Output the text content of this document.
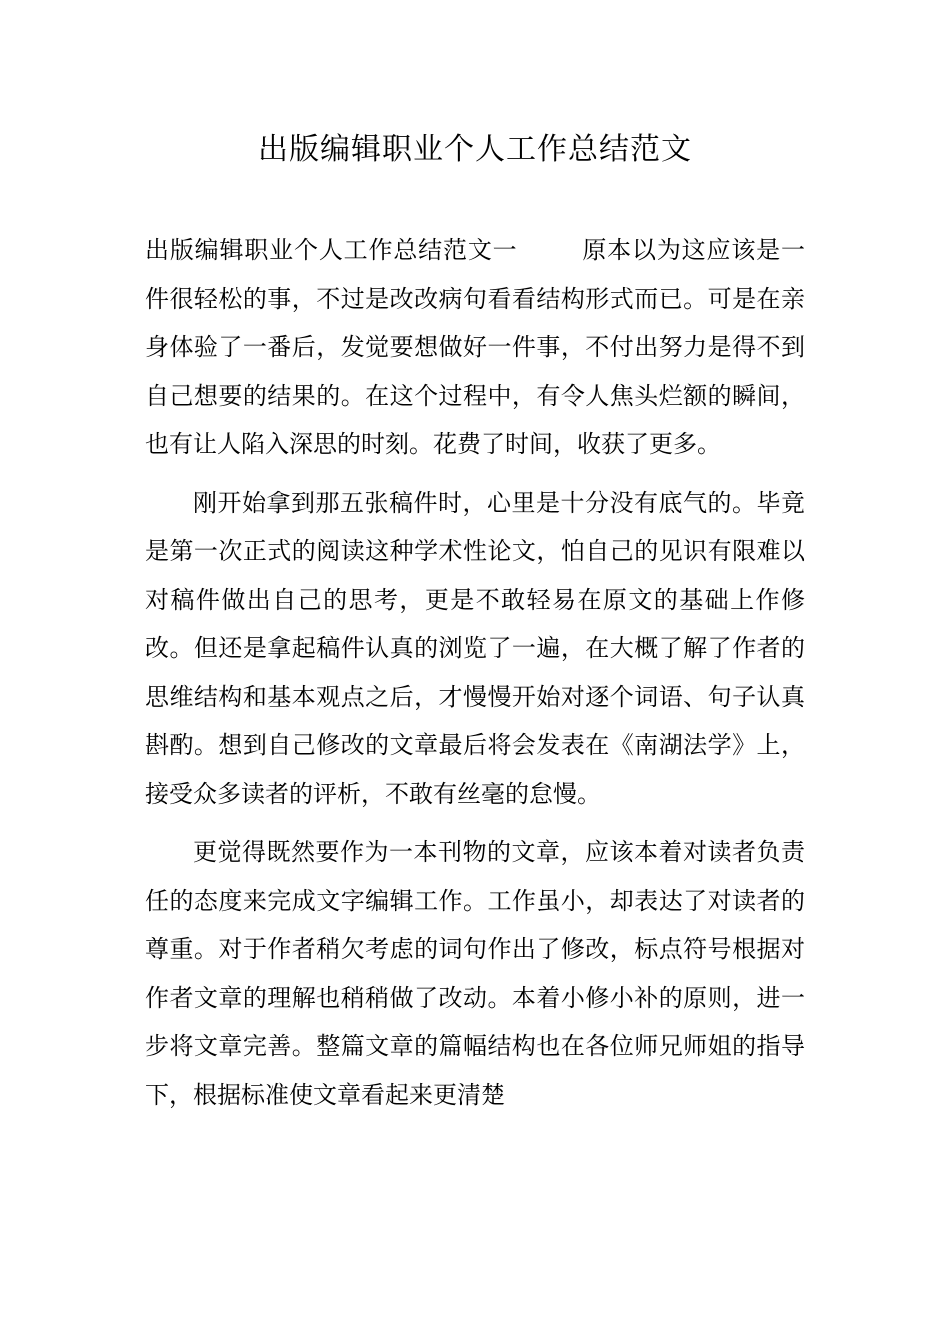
出版编辑职业个人工作总结范文

出版编辑职业个人工作总结范文一	原本以为这应该是一件很轻松的事，不过是改改病句看看结构形式而已。可是在亲身体验了一番后，发觉要想做好一件事，不付出努力是得不到自己想要的结果的。在这个过程中，有令人焦头烂额的瞬间，也有让人陷入深思的时刻。花费了时间，收获了更多。

刚开始拿到那五张稿件时，心里是十分没有底气的。毕竟是第一次正式的阅读这种学术性论文，怕自己的见识有限难以对稿件做出自己的思考，更是不敢轻易在原文的基础上作修改。但还是拿起稿件认真的浏览了一遍，在大概了解了作者的思维结构和基本观点之后，才慢慢开始对逐个词语、句子认真斟酌。想到自己修改的文章最后将会发表在《南湖法学》上，接受众多读者的评析，不敢有丝毫的怠慢。

更觉得既然要作为一本刊物的文章，应该本着对读者负责任的态度来完成文字编辑工作。工作虽小，却表达了对读者的尊重。对于作者稍欠考虑的词句作出了修改，标点符号根据对作者文章的理解也稍稍做了改动。本着小修小补的原则，进一步将文章完善。整篇文章的篇幅结构也在各位师兄师姐的指导下，根据标准使文章看起来更清楚
